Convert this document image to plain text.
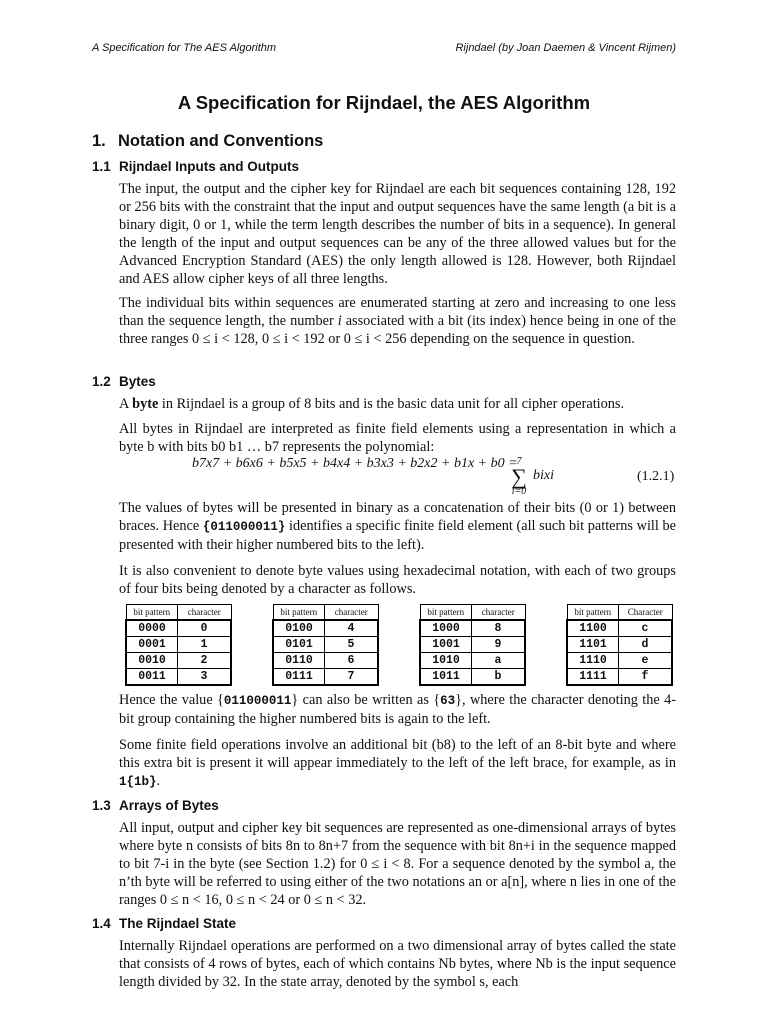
A Specification for The AES Algorithm	Rijndael (by Joan Daemen & Vincent Rijmen)
A Specification for Rijndael, the AES Algorithm
1. Notation and Conventions
1.1 Rijndael Inputs and Outputs
The input, the output and the cipher key for Rijndael are each bit sequences containing 128, 192 or 256 bits with the constraint that the input and output sequences have the same length (a bit is a binary digit, 0 or 1, while the term length describes the number of bits in a sequence). In general the length of the input and output sequences can be any of the three allowed values but for the Advanced Encryption Standard (AES) the only length allowed is 128. However, both Rijndael and AES allow cipher keys of all three lengths.
The individual bits within sequences are enumerated starting at zero and increasing to one less than the sequence length, the number i associated with a bit (its index) hence being in one of the three ranges 0 ≤ i < 128, 0 ≤ i < 192 or 0 ≤ i < 256 depending on the sequence in question.
1.2 Bytes
A byte in Rijndael is a group of 8 bits and is the basic data unit for all cipher operations.
All bytes in Rijndael are interpreted as finite field elements using a representation in which a byte b with bits b0 b1 … b7 represents the polynomial:
b7x7 + b6x6 + b5x5 + b4x4 + b3x3 + b2x2 + b1x + b0 =
7
∑
i=0
bixi	(1.2.1)
The values of bytes will be presented in binary as a concatenation of their bits (0 or 1) between braces. Hence {011000011} identifies a specific finite field element (all such bit patterns will be presented with their higher numbered bits to the left).
It is also convenient to denote byte values using hexadecimal notation, with each of two groups of four bits being denoted by a character as follows.
bit pattern	character
0000	0
0001	1
0010	2
0011	3
bit pattern	character
0100	4
0101	5
0110	6
0111	7
bit pattern	character
1000	8
1001	9
1010	a
1011	b
bit pattern	Character
1100	c
1101	d
1110	e
1111	f
Hence the value {011000011} can also be written as {63}, where the character denoting the 4-bit group containing the higher numbered bits is again to the left.
Some finite field operations involve an additional bit (b8) to the left of an 8-bit byte and where this extra bit is present it will appear immediately to the left of the left brace, for example, as in 1{1b}.
1.3 Arrays of Bytes
All input, output and cipher key bit sequences are represented as one-dimensional arrays of bytes where byte n consists of bits 8n to 8n+7 from the sequence with bit 8n+i in the sequence mapped to bit 7-i in the byte (see Section 1.2) for 0 ≤ i < 8. For a sequence denoted by the symbol a, the n’th byte will be referred to using either of the two notations an or a[n], where n lies in one of the ranges 0 ≤ n < 16, 0 ≤ n < 24 or 0 ≤ n < 32.
1.4 The Rijndael State
Internally Rijndael operations are performed on a two dimensional array of bytes called the state that consists of 4 rows of bytes, each of which contains Nb bytes, where Nb is the input sequence length divided by 32. In the state array, denoted by the symbol s, each
